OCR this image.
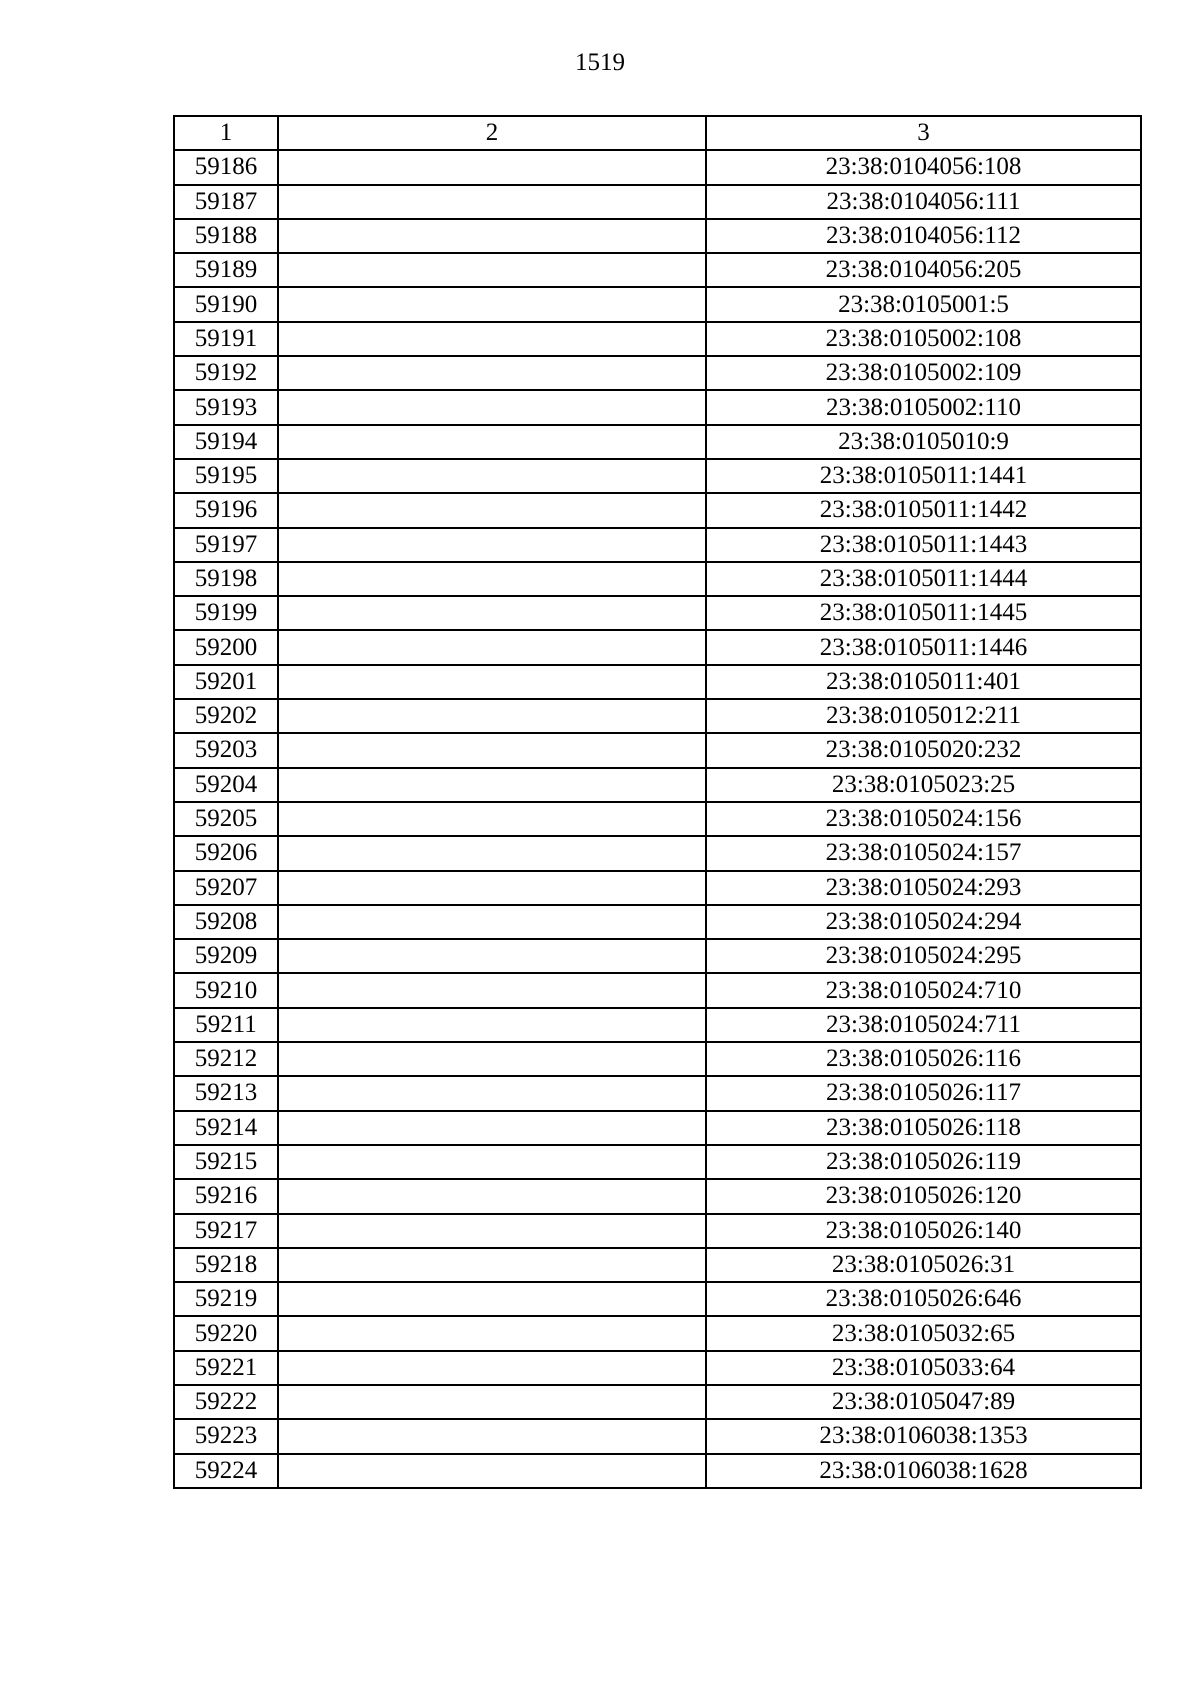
1519
1	2	3
59186		23:38:0104056:108
59187		23:38:0104056:111
59188		23:38:0104056:112
59189		23:38:0104056:205
59190		23:38:0105001:5
59191		23:38:0105002:108
59192		23:38:0105002:109
59193		23:38:0105002:110
59194		23:38:0105010:9
59195		23:38:0105011:1441
59196		23:38:0105011:1442
59197		23:38:0105011:1443
59198		23:38:0105011:1444
59199		23:38:0105011:1445
59200		23:38:0105011:1446
59201		23:38:0105011:401
59202		23:38:0105012:211
59203		23:38:0105020:232
59204		23:38:0105023:25
59205		23:38:0105024:156
59206		23:38:0105024:157
59207		23:38:0105024:293
59208		23:38:0105024:294
59209		23:38:0105024:295
59210		23:38:0105024:710
59211		23:38:0105024:711
59212		23:38:0105026:116
59213		23:38:0105026:117
59214		23:38:0105026:118
59215		23:38:0105026:119
59216		23:38:0105026:120
59217		23:38:0105026:140
59218		23:38:0105026:31
59219		23:38:0105026:646
59220		23:38:0105032:65
59221		23:38:0105033:64
59222		23:38:0105047:89
59223		23:38:0106038:1353
59224		23:38:0106038:1628
